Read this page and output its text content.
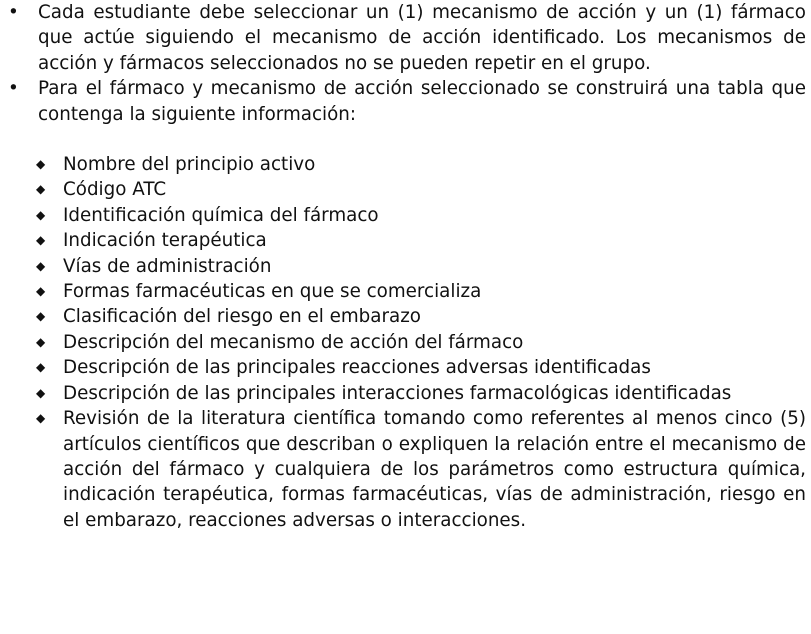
• Cada estudiante debe seleccionar un (1) mecanismo de acción y un (1) fármaco que actúe siguiendo el mecanismo de acción identificado. Los mecanismos de acción y fármacos seleccionados no se pueden repetir en el grupo.
• Para el fármaco y mecanismo de acción seleccionado se construirá una tabla que contenga la siguiente información:
◆ Nombre del principio activo
◆ Código ATC
◆ Identificación química del fármaco
◆ Indicación terapéutica
◆ Vías de administración
◆ Formas farmacéuticas en que se comercializa
◆ Clasificación del riesgo en el embarazo
◆ Descripción del mecanismo de acción del fármaco
◆ Descripción de las principales reacciones adversas identificadas
◆ Descripción de las principales interacciones farmacológicas identificadas
◆ Revisión de la literatura científica tomando como referentes al menos cinco (5) artículos científicos que describan o expliquen la relación entre el mecanismo de acción del fármaco y cualquiera de los parámetros como estructura química, indicación terapéutica, formas farmacéuticas, vías de administración, riesgo en el embarazo, reacciones adversas o interacciones.
